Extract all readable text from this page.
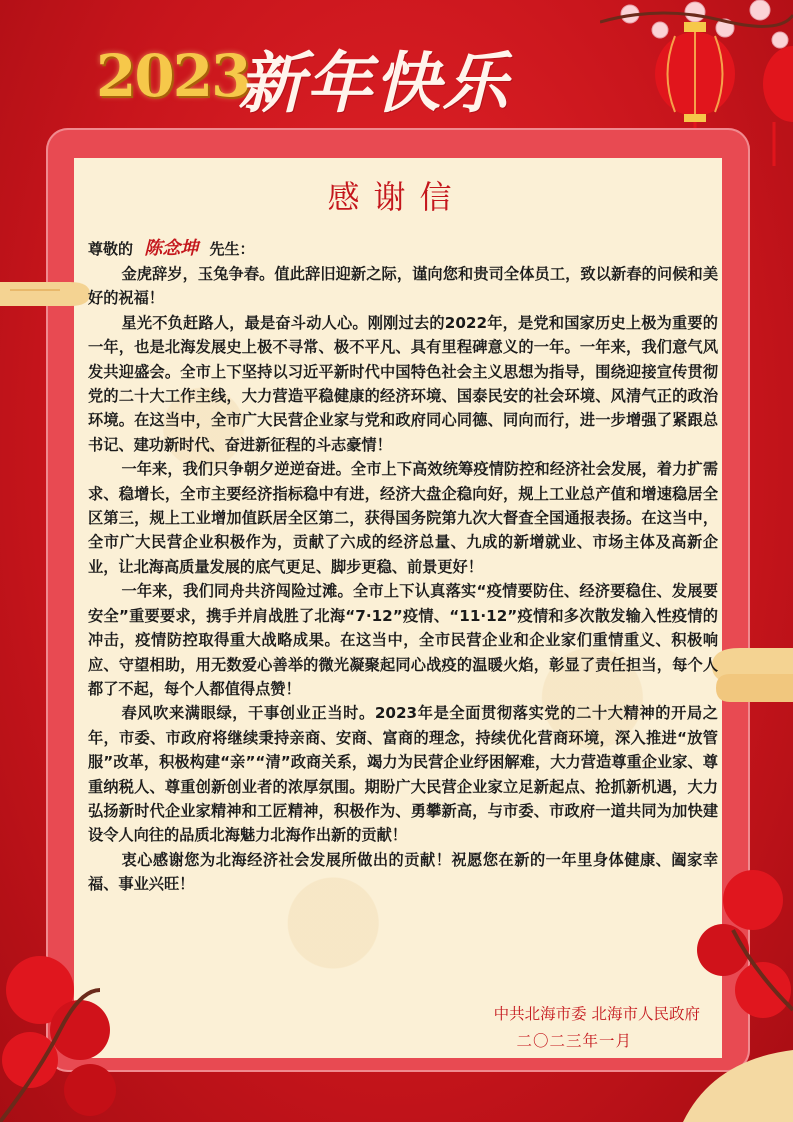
2023
新年快乐
感谢信
尊敬的 陈念坤 先生：

金虎辞岁，玉兔争春。值此辞旧迎新之际，谨向您和贵司全体员工，致以新春的问候和美好的祝福！

星光不负赶路人，最是奋斗动人心。刚刚过去的2022年，是党和国家历史上极为重要的一年，也是北海发展史上极不寻常、极不平凡、具有里程碑意义的一年。一年来，我们意气风发共迎盛会。全市上下坚持以习近平新时代中国特色社会主义思想为指导，围绕迎接宣传贯彻党的二十大工作主线，大力营造平稳健康的经济环境、国泰民安的社会环境、风清气正的政治环境。在这当中，全市广大民营企业家与党和政府同心同德、同向而行，进一步增强了紧跟总书记、建功新时代、奋进新征程的斗志豪情！

一年来，我们只争朝夕逆逆奋进。全市上下高效统筹疫情防控和经济社会发展，着力扩需求、稳增长，全市主要经济指标稳中有进，经济大盘企稳向好，规上工业总产值和增速稳居全区第三，规上工业增加值跃居全区第二，获得国务院第九次大督查全国通报表扬。在这当中，全市广大民营企业积极作为，贡献了六成的经济总量、九成的新增就业、市场主体及高新企业，让北海高质量发展的底气更足、脚步更稳、前景更好！

一年来，我们同舟共济闯险过滩。全市上下认真落实“疫情要防住、经济要稳住、发展要安全”重要要求，携手并肩战胜了北海“7·12”疫情、“11·12”疫情和多次散发输入性疫情的冲击，疫情防控取得重大战略成果。在这当中，全市民营企业和企业家们重情重义、积极响应、守望相助，用无数爱心善举的微光凝聚起同心战疫的温暖火焰，彰显了责任担当，每个人都了不起，每个人都值得点赞！

春风吹来满眼绿，干事创业正当时。2023年是全面贯彻落实党的二十大精神的开局之年，市委、市政府将继续秉持亲商、安商、富商的理念，持续优化营商环境，深入推进“放管服”改革，积极构建“亲”“清”政商关系，竭力为民营企业纾困解难，大力营造尊重企业家、尊重纳税人、尊重创新创业者的浓厚氛围。期盼广大民营企业家立足新起点、抢抓新机遇，大力弘扬新时代企业家精神和工匠精神，积极作为、勇攀新高，与市委、市政府一道共同为加快建设令人向往的品质北海魅力北海作出新的贡献！

衷心感谢您为北海经济社会发展所做出的贡献！祝愿您在新的一年里身体健康、阖家幸福、事业兴旺！

中共北海市委 北海市人民政府
二〇二三年一月
